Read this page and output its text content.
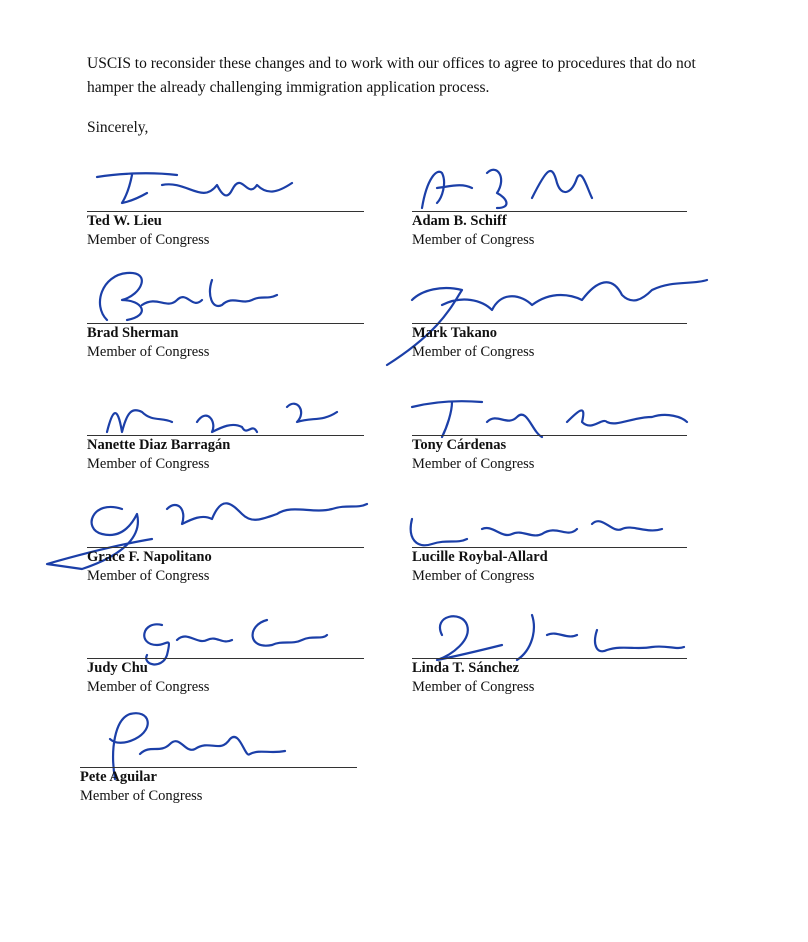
USCIS to reconsider these changes and to work with our offices to agree to procedures that do not hamper the already challenging immigration application process.

Sincerely,
Ted W. Lieu
Member of Congress
Adam B. Schiff
Member of Congress
Brad Sherman
Member of Congress
Mark Takano
Member of Congress
Nanette Diaz Barragán
Member of Congress
Tony Cárdenas
Member of Congress
Grace F. Napolitano
Member of Congress
Lucille Roybal-Allard
Member of Congress
Judy Chu
Member of Congress
Linda T. Sánchez
Member of Congress
Pete Aguilar
Member of Congress
